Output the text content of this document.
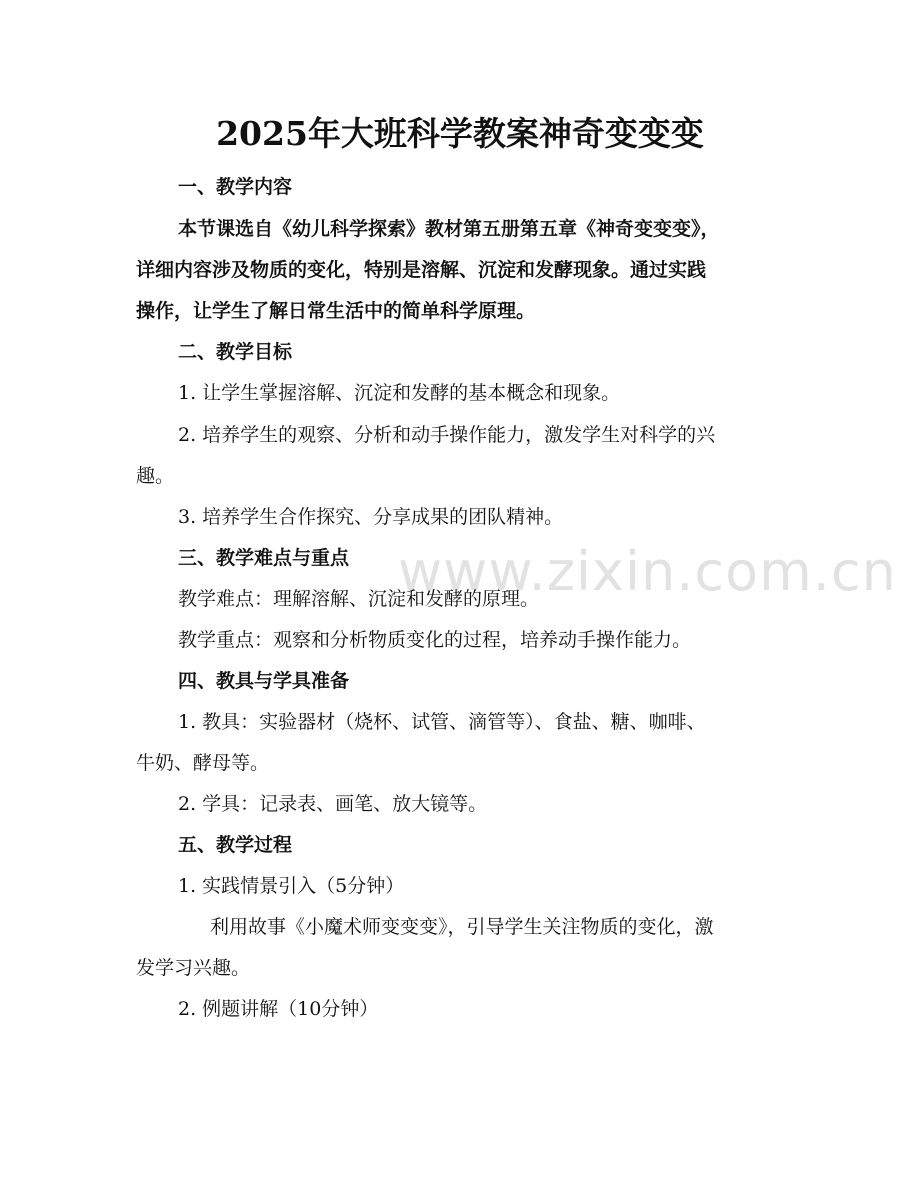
www.zixin.com.cn
2025年大班科学教案神奇变变变
一、教学内容
本节课选自《幼儿科学探索》教材第五册第五章《神奇变变变》，
详细内容涉及物质的变化，特别是溶解、沉淀和发酵现象。通过实践
操作，让学生了解日常生活中的简单科学原理。
二、教学目标
1. 让学生掌握溶解、沉淀和发酵的基本概念和现象。
2. 培养学生的观察、分析和动手操作能力，激发学生对科学的兴
趣。
3. 培养学生合作探究、分享成果的团队精神。
三、教学难点与重点
教学难点：理解溶解、沉淀和发酵的原理。
教学重点：观察和分析物质变化的过程，培养动手操作能力。
四、教具与学具准备
1. 教具：实验器材（烧杯、试管、滴管等）、食盐、糖、咖啡、
牛奶、酵母等。
2. 学具：记录表、画笔、放大镜等。
五、教学过程
1. 实践情景引入（5分钟）
利用故事《小魔术师变变变》，引导学生关注物质的变化，激
发学习兴趣。
2. 例题讲解（10分钟）
